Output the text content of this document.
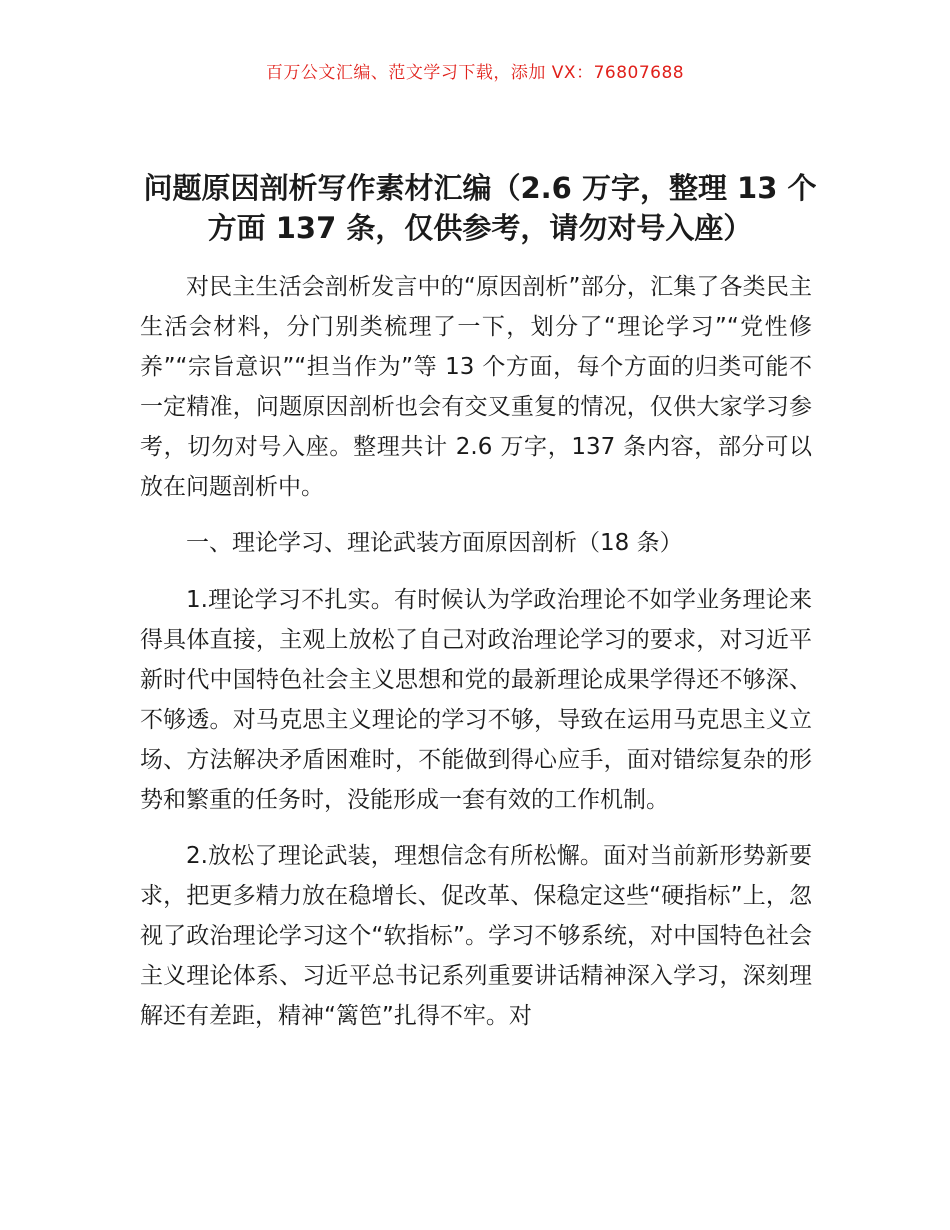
百万公文汇编、范文学习下载，添加 VX：76807688
问题原因剖析写作素材汇编（2.6 万字，整理 13 个方面 137 条，仅供参考，请勿对号入座）

对民主生活会剖析发言中的“原因剖析”部分，汇集了各类民主生活会材料，分门别类梳理了一下，划分了“理论学习”“党性修养”“宗旨意识”“担当作为”等 13 个方面，每个方面的归类可能不一定精准，问题原因剖析也会有交叉重复的情况，仅供大家学习参考，切勿对号入座。整理共计 2.6 万字，137 条内容，部分可以放在问题剖析中。

一、理论学习、理论武装方面原因剖析（18 条）

1.理论学习不扎实。有时候认为学政治理论不如学业务理论来得具体直接，主观上放松了自己对政治理论学习的要求，对习近平新时代中国特色社会主义思想和党的最新理论成果学得还不够深、不够透。对马克思主义理论的学习不够，导致在运用马克思主义立场、方法解决矛盾困难时，不能做到得心应手，面对错综复杂的形势和繁重的任务时，没能形成一套有效的工作机制。

2.放松了理论武装，理想信念有所松懈。面对当前新形势新要求，把更多精力放在稳增长、促改革、保稳定这些“硬指标”上，忽视了政治理论学习这个“软指标”。学习不够系统，对中国特色社会主义理论体系、习近平总书记系列重要讲话精神深入学习，深刻理解还有差距，精神“篱笆”扎得不牢。对
